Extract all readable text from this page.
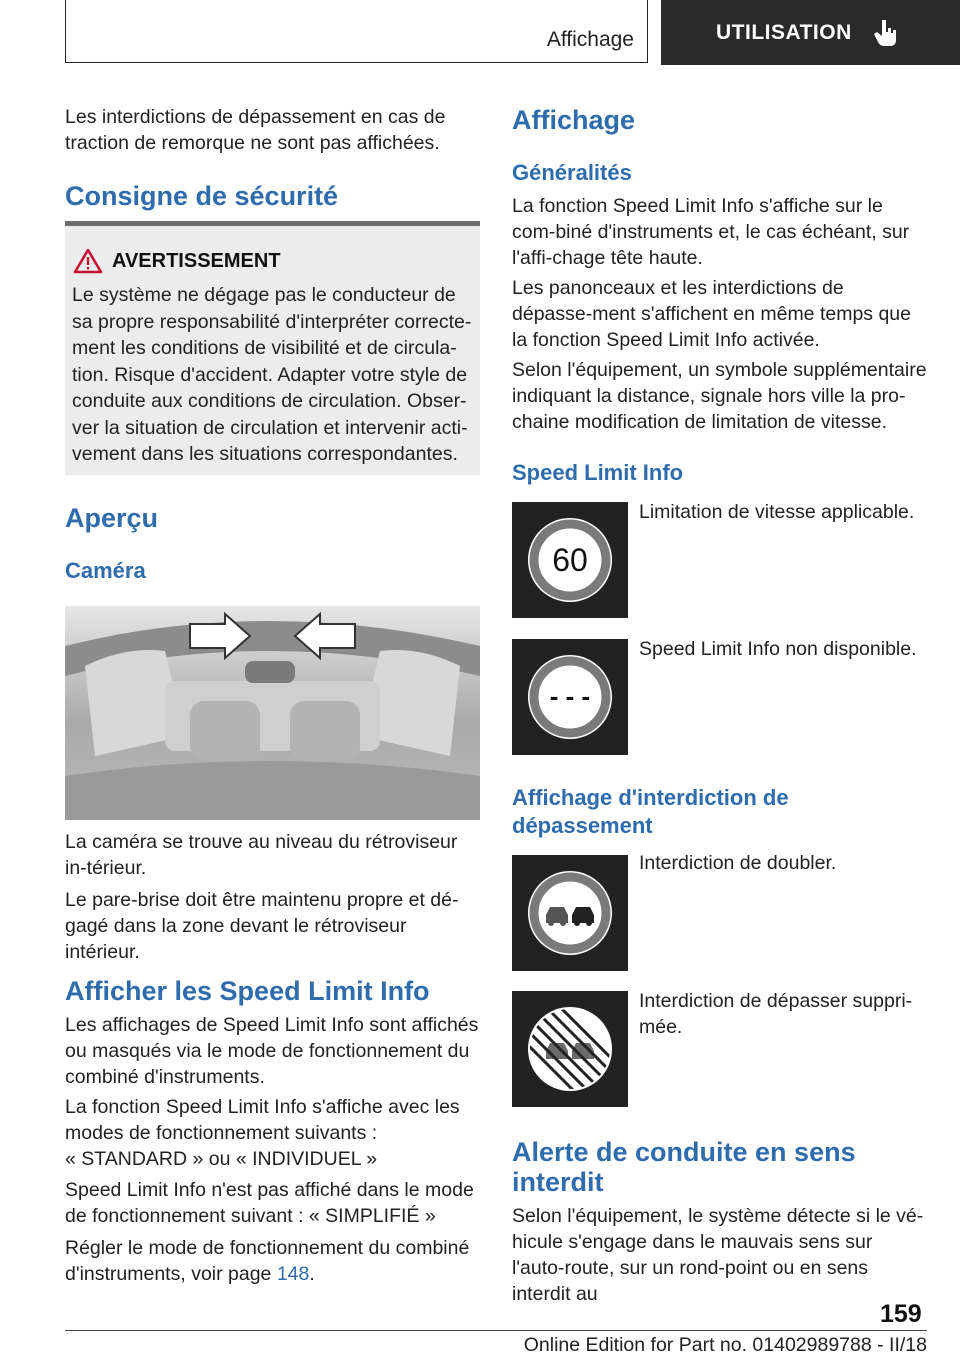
Affichage	UTILISATION

Les interdictions de dépassement en cas de traction de remorque ne sont pas affichées.

Consigne de sécurité
AVERTISSEMENT
Le système ne dégage pas le conducteur de sa propre responsabilité d'interpréter correcte-ment les conditions de visibilité et de circula-tion. Risque d'accident. Adapter votre style de conduite aux conditions de circulation. Obser-ver la situation de circulation et intervenir acti-vement dans les situations correspondantes.
Aperçu
Caméra

La caméra se trouve au niveau du rétroviseur in-térieur.

Le pare-brise doit être maintenu propre et dé-gagé dans la zone devant le rétroviseur intérieur.

Afficher les Speed Limit Info

Les affichages de Speed Limit Info sont affichés ou masqués via le mode de fonctionnement du combiné d'instruments.

La fonction Speed Limit Info s'affiche avec les modes de fonctionnement suivants :
« STANDARD » ou « INDIVIDUEL »

Speed Limit Info n'est pas affiché dans le mode de fonctionnement suivant : « SIMPLIFIÉ »

Régler le mode de fonctionnement du combiné d'instruments, voir page 148.

Affichage
Généralités

La fonction Speed Limit Info s'affiche sur le com-biné d'instruments et, le cas échéant, sur l'affi-chage tête haute.

Les panonceaux et les interdictions de dépasse-ment s'affichent en même temps que la fonction Speed Limit Info activée.

Selon l'équipement, un symbole supplémentaire indiquant la distance, signale hors ville la pro-chaine modification de limitation de vitesse.

Speed Limit Info
60
Limitation de vitesse applicable.
- - -
Speed Limit Info non disponible.
Affichage d'interdiction de dépassement
Interdiction de doubler.
Interdiction de dépasser suppri-mée.
Alerte de conduite en sens interdit

Selon l'équipement, le système détecte si le vé-hicule s'engage dans le mauvais sens sur l'auto-route, sur un rond-point ou en sens interdit au

159
Online Edition for Part no. 01402989788 - II/18
